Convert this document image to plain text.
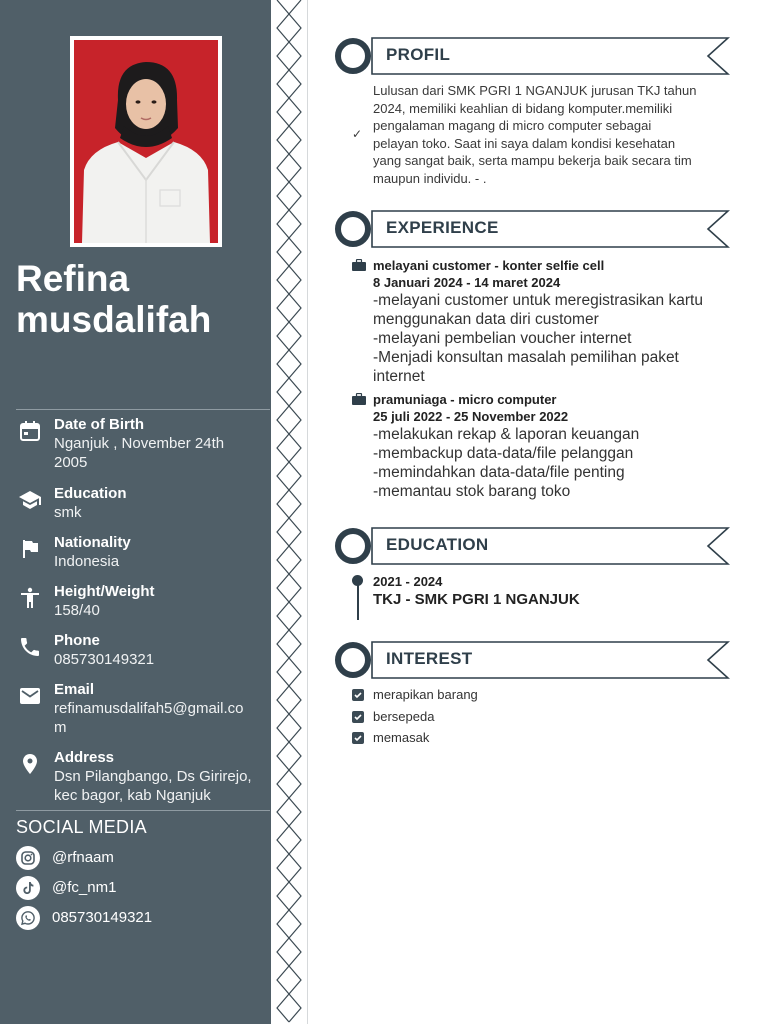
Refina
musdalifah
Date of Birth
Nganjuk , November 24th
2005
Education
smk
Nationality
Indonesia
Height/Weight
158/40
Phone
085730149321
Email
refinamusdalifah5@gmail.co
m
Address
Dsn Pilangbango, Ds Girirejo,
kec bagor, kab Nganjuk
SOCIAL MEDIA
@rfnaam
@fc_nm1
085730149321
PROFIL
✓
Lulusan dari SMK PGRI 1 NGANJUK jurusan TKJ tahun
2024, memiliki keahlian di bidang komputer.memiliki
pengalaman magang di micro computer sebagai
pelayan toko. Saat ini saya dalam kondisi kesehatan
yang sangat baik, serta mampu bekerja baik secara tim
maupun individu. - .
EXPERIENCE
melayani customer - konter selfie cell
8 Januari 2024 - 14 maret 2024
-melayani customer untuk meregistrasikan kartu
menggunakan data diri customer
-melayani pembelian voucher internet
-Menjadi konsultan masalah pemilihan paket
internet
pramuniaga - micro computer
25 juli 2022 - 25 November 2022
-melakukan rekap & laporan keuangan
-membackup data-data/file pelanggan
-memindahkan data-data/file penting
-memantau stok barang toko
EDUCATION
2021 - 2024
TKJ - SMK PGRI 1 NGANJUK
INTEREST
merapikan barang
bersepeda
memasak
